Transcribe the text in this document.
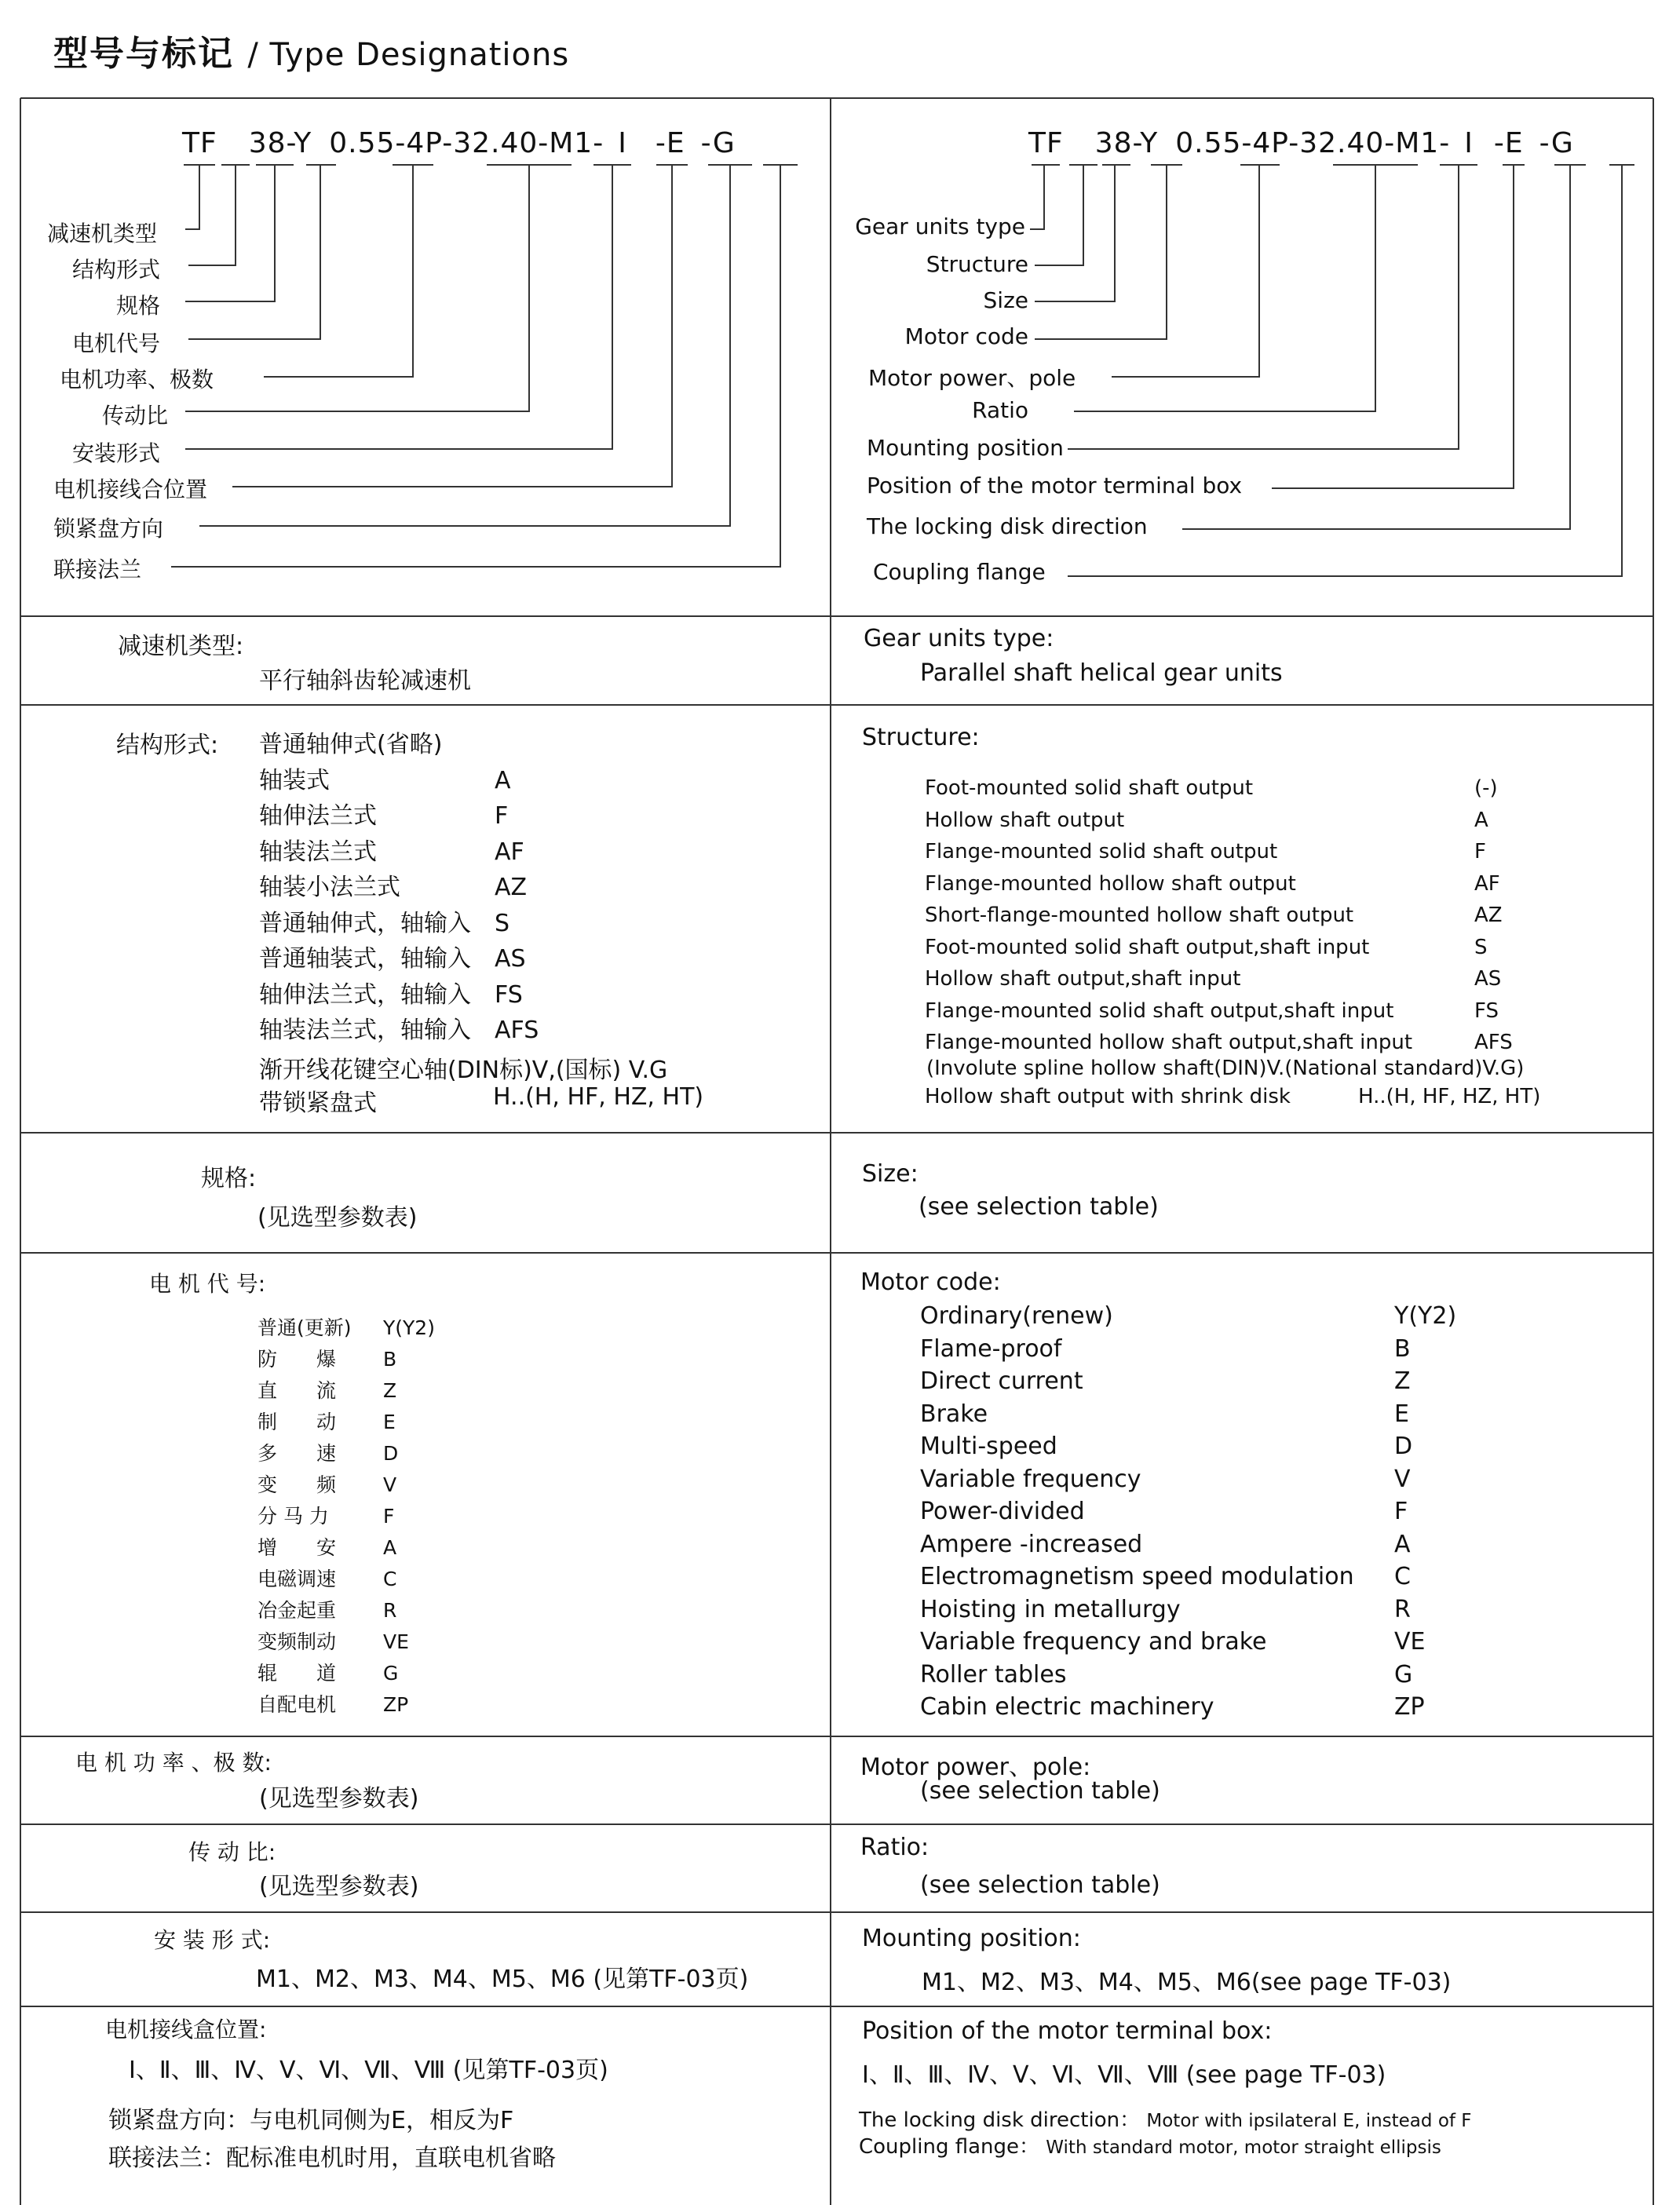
型号与标记 / Type Designations
TF 38-Y 0.55-4P-32.40-M1- Ⅰ -E -G	TF 38-Y 0.55-4P-32.40-M1- Ⅰ -E -G
减速机类型
结构形式
规格
电机代号
电机功率、极数
传动比
安装形式
电机接线合位置
锁紧盘方向
联接法兰
Gear units type
Structure
Size
Motor code
Motor power、pole
Ratio
Mounting position
Position of the motor terminal box
The locking disk direction
Coupling flange
减速机类型:
平行轴斜齿轮减速机
Gear units type:
Parallel shaft helical gear units
结构形式: 普通轴伸式(省略)
轴装式	A
轴伸法兰式	F
轴装法兰式	AF
轴装小法兰式	AZ
普通轴伸式，轴输入	S
普通轴装式，轴输入	AS
轴伸法兰式，轴输入	FS
轴装法兰式，轴输入	AFS
渐开线花键空心轴(DIN标)V,(国标) V.G
带锁紧盘式	H..(H, HF, HZ, HT)
Structure:
Foot-mounted solid shaft output	(-)
Hollow shaft output	A
Flange-mounted solid shaft output	F
Flange-mounted hollow shaft output	AF
Short-flange-mounted hollow shaft output	AZ
Foot-mounted solid shaft output,shaft input	S
Hollow shaft output,shaft input	AS
Flange-mounted solid shaft output,shaft input	FS
Flange-mounted hollow shaft output,shaft input	AFS
(Involute spline hollow shaft(DIN)V.(National standard)V.G)
Hollow shaft output with shrink disk	H..(H, HF, HZ, HT)
规格:
(见选型参数表)
Size:
(see selection table)
电 机 代 号:
普通(更新)	Y(Y2)
防　　爆	B
直　　流	Z
制　　动	E
多　　速	D
变　　频	V
分 马 力	F
增　　安	A
电磁调速	C
冶金起重	R
变频制动	VE
辊　　道	G
自配电机	ZP
Motor code:
Ordinary(renew)	Y(Y2)
Flame-proof	B
Direct current	Z
Brake	E
Multi-speed	D
Variable frequency	V
Power-divided	F
Ampere -increased	A
Electromagnetism speed modulation	C
Hoisting in metallurgy	R
Variable frequency and brake	VE
Roller tables	G
Cabin electric machinery	ZP
电 机 功 率 、极 数:
(见选型参数表)
Motor power、pole:
(see selection table)
传 动 比:
(见选型参数表)
Ratio:
(see selection table)
安 装 形 式:
M1、M2、M3、M4、M5、M6 (见第TF-03页)
Mounting position:
M1、M2、M3、M4、M5、M6(see page TF-03)
电机接线盒位置:
Ⅰ、Ⅱ、Ⅲ、Ⅳ、Ⅴ、Ⅵ、Ⅶ、Ⅷ (见第TF-03页)
锁紧盘方向：与电机同侧为E，相反为F
联接法兰：配标准电机时用，直联电机省略
Position of the motor terminal box:
Ⅰ、Ⅱ、Ⅲ、Ⅳ、Ⅴ、Ⅵ、Ⅶ、Ⅷ (see page TF-03)
The locking disk direction： Motor with ipsilateral E, instead of F
Coupling flange： With standard motor, motor straight ellipsis
